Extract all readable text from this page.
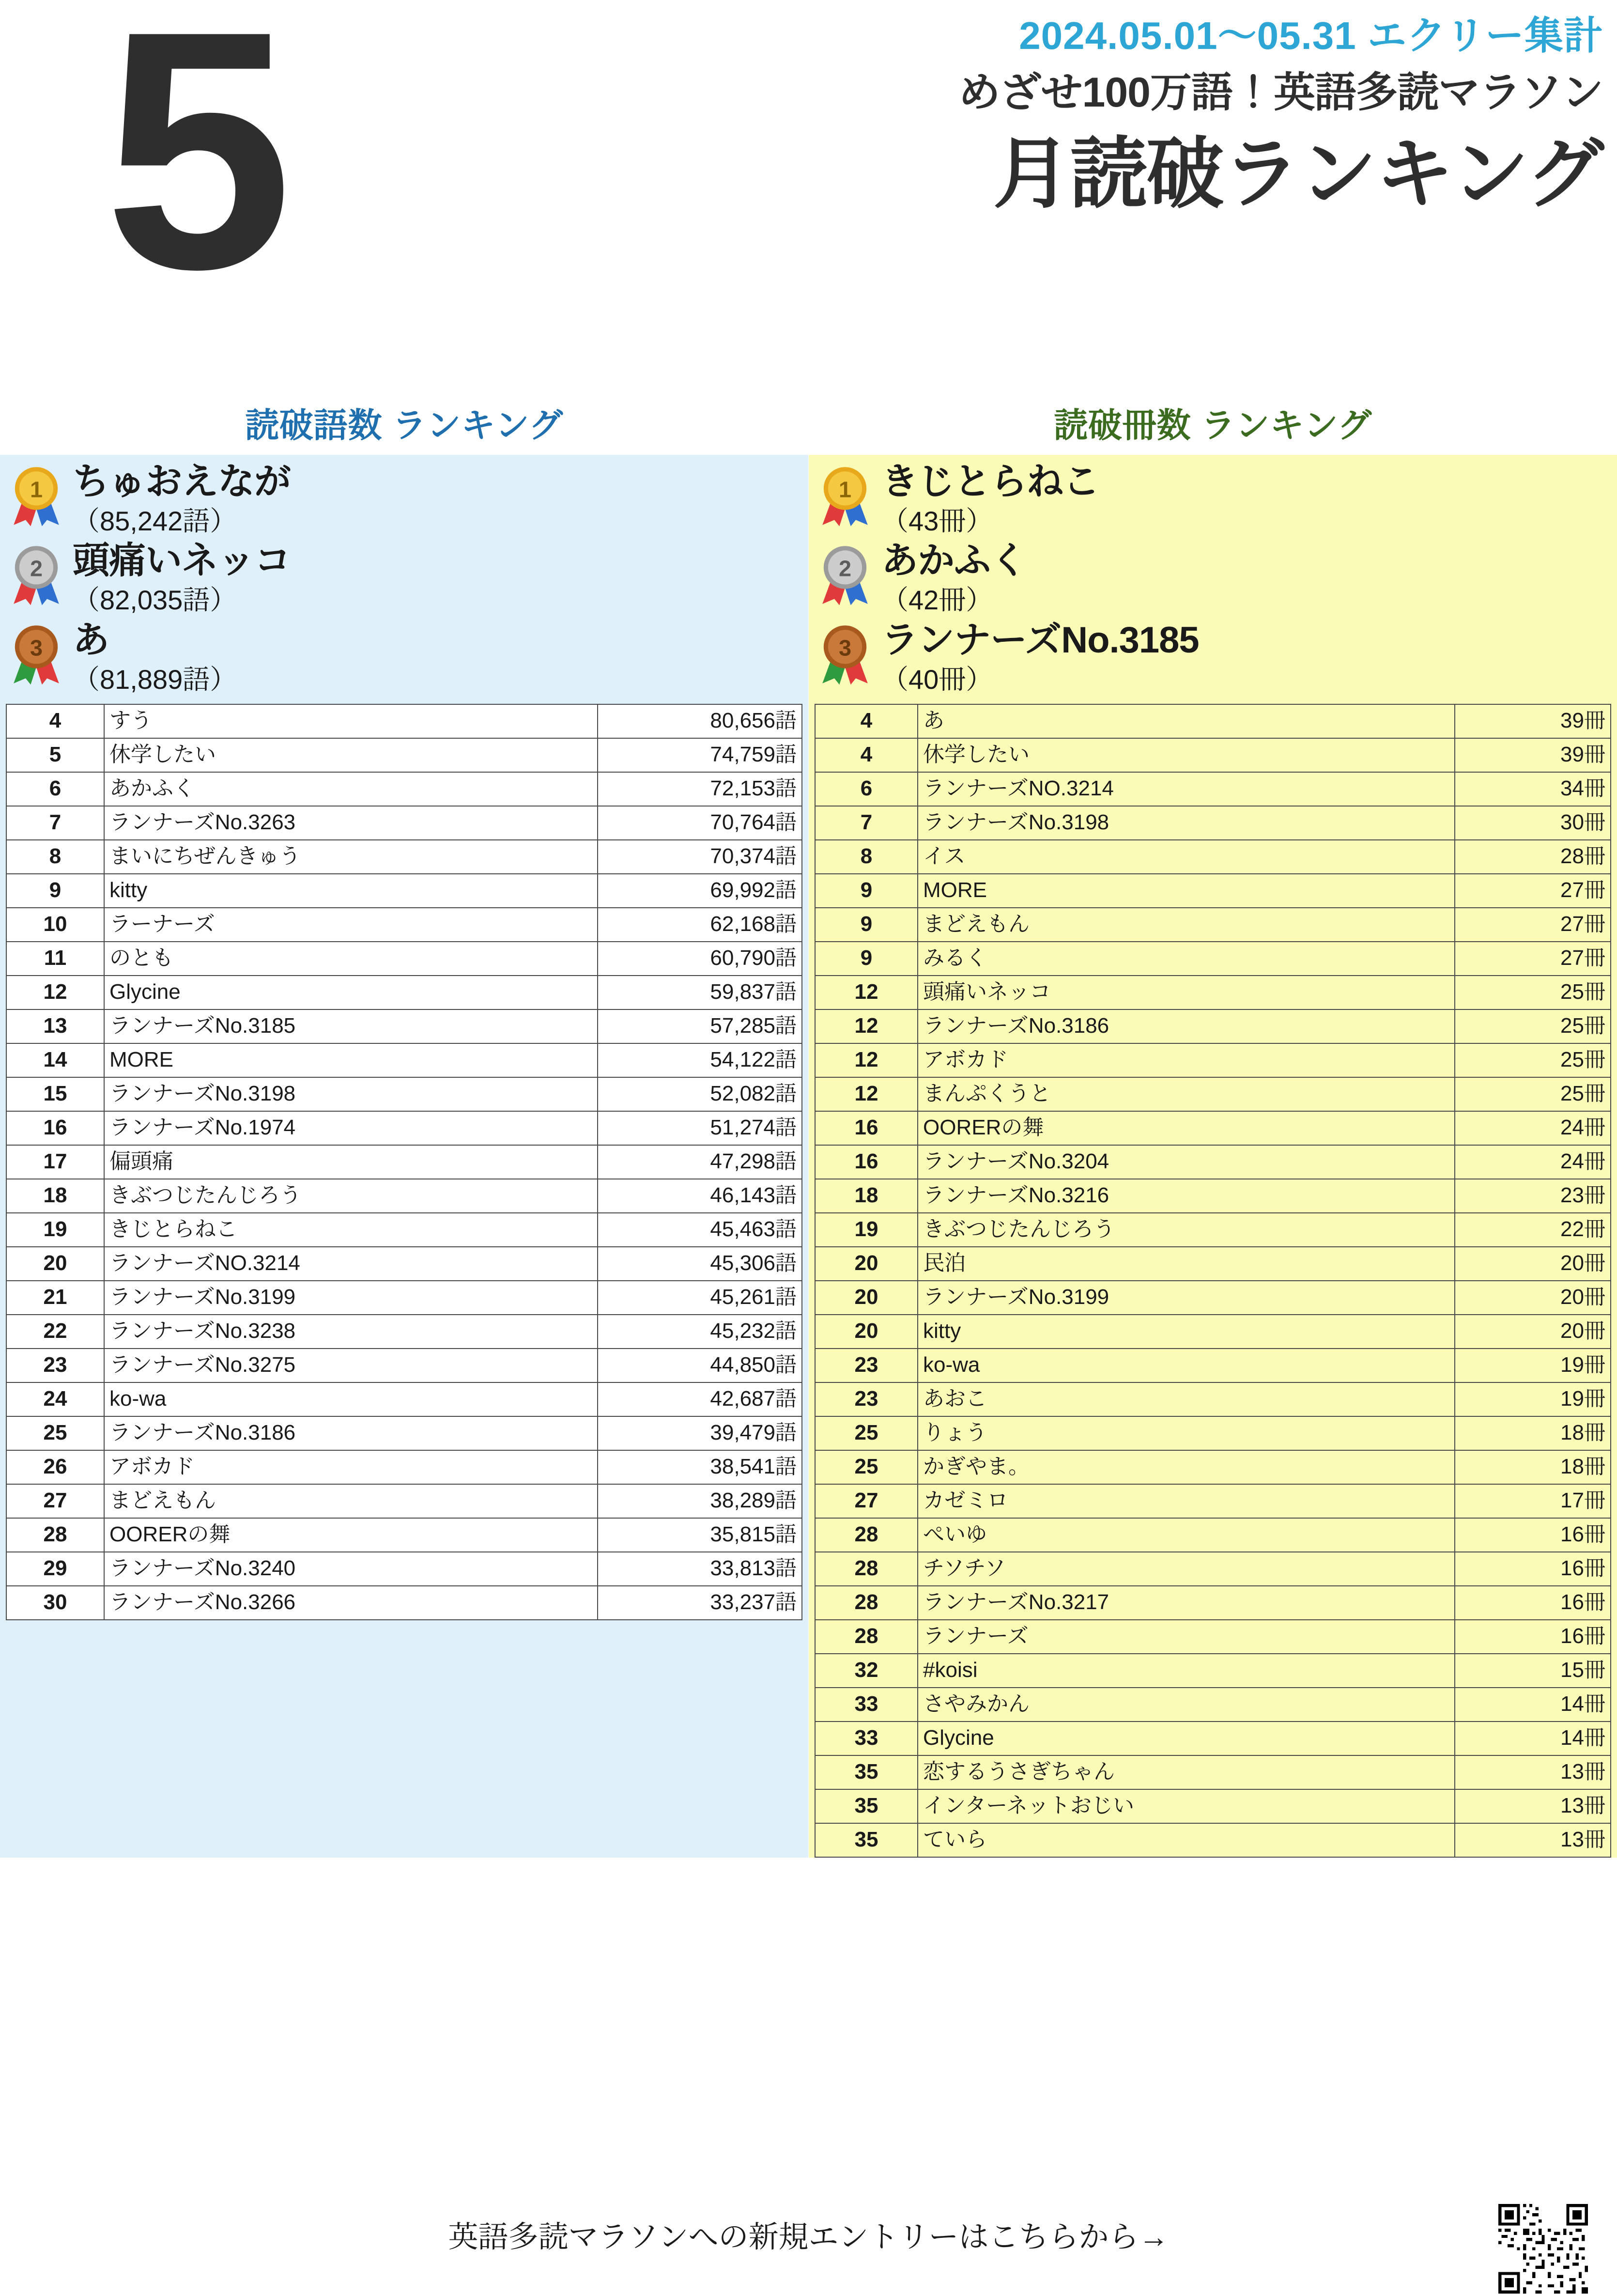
5	2024.05.01〜05.31 エクリー集計
めざせ100万語！英語多読マラソン
月読破ランキング
読破語数 ランキング
1 ちゅおえなが
（85,242語）
2 頭痛いネッコ
（82,035語）
3 あ
（81,889語）
4	すう	80,656語
5	休学したい	74,759語
6	あかふく	72,153語
7	ランナーズNo.3263	70,764語
8	まいにちぜんきゅう	70,374語
9	kitty	69,992語
10	ラーナーズ	62,168語
11	のとも	60,790語
12	Glycine	59,837語
13	ランナーズNo.3185	57,285語
14	MORE	54,122語
15	ランナーズNo.3198	52,082語
16	ランナーズNo.1974	51,274語
17	偏頭痛	47,298語
18	きぶつじたんじろう	46,143語
19	きじとらねこ	45,463語
20	ランナーズNO.3214	45,306語
21	ランナーズNo.3199	45,261語
22	ランナーズNo.3238	45,232語
23	ランナーズNo.3275	44,850語
24	ko-wa	42,687語
25	ランナーズNo.3186	39,479語
26	アボカド	38,541語
27	まどえもん	38,289語
28	OORERの舞	35,815語
29	ランナーズNo.3240	33,813語
30	ランナーズNo.3266	33,237語
読破冊数 ランキング
1 きじとらねこ
（43冊）
2 あかふく
（42冊）
3 ランナーズNo.3185
（40冊）
4	あ	39冊
4	休学したい	39冊
6	ランナーズNO.3214	34冊
7	ランナーズNo.3198	30冊
8	イス	28冊
9	MORE	27冊
9	まどえもん	27冊
9	みるく	27冊
12	頭痛いネッコ	25冊
12	ランナーズNo.3186	25冊
12	アボカド	25冊
12	まんぷくうと	25冊
16	OORERの舞	24冊
16	ランナーズNo.3204	24冊
18	ランナーズNo.3216	23冊
19	きぶつじたんじろう	22冊
20	民泊	20冊
20	ランナーズNo.3199	20冊
20	kitty	20冊
23	ko-wa	19冊
23	あおこ	19冊
25	りょう	18冊
25	かぎやま。	18冊
27	カゼミロ	17冊
28	ぺいゆ	16冊
28	チソチソ	16冊
28	ランナーズNo.3217	16冊
28	ランナーズ	16冊
32	#koisi	15冊
33	さやみかん	14冊
33	Glycine	14冊
35	恋するうさぎちゃん	13冊
35	インターネットおじい	13冊
35	ていら	13冊
英語多読マラソンへの新規エントリーはこちらから→
